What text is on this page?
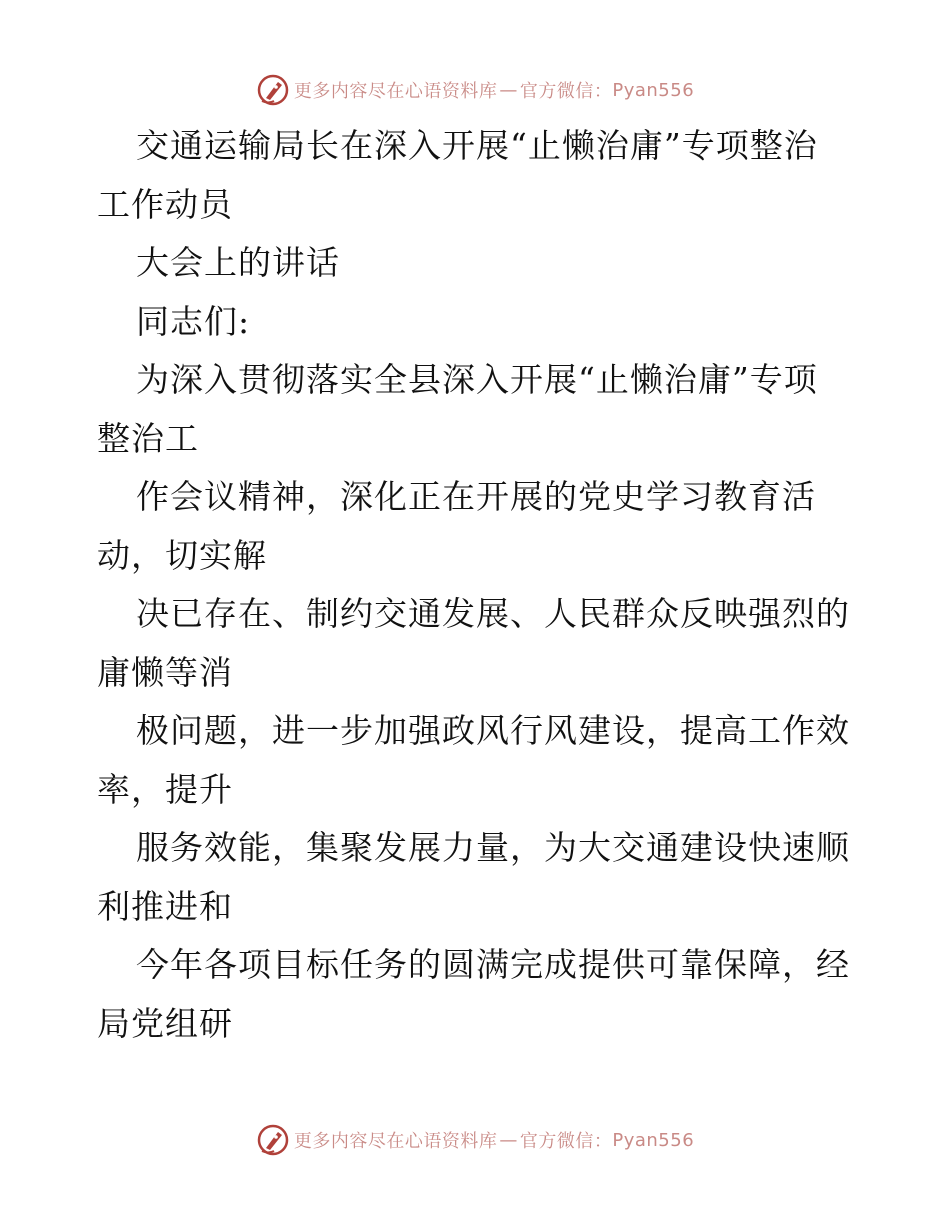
更多内容尽在心语资料库 — 官方微信： Pyan556
交通运输局长在深入开展“止懒治庸”专项整治
工作动员
大会上的讲话
同志们:
为深入贯彻落实全县深入开展“止懒治庸”专项
整治工
作会议精神，深化正在开展的党史学习教育活
动，切实解
决已存在、制约交通发展、人民群众反映强烈的
庸懒等消
极问题，进一步加强政风行风建设，提高工作效
率，提升
服务效能，集聚发展力量，为大交通建设快速顺
利推进和
今年各项目标任务的圆满完成提供可靠保障，经
局党组研
更多内容尽在心语资料库 — 官方微信： Pyan556
